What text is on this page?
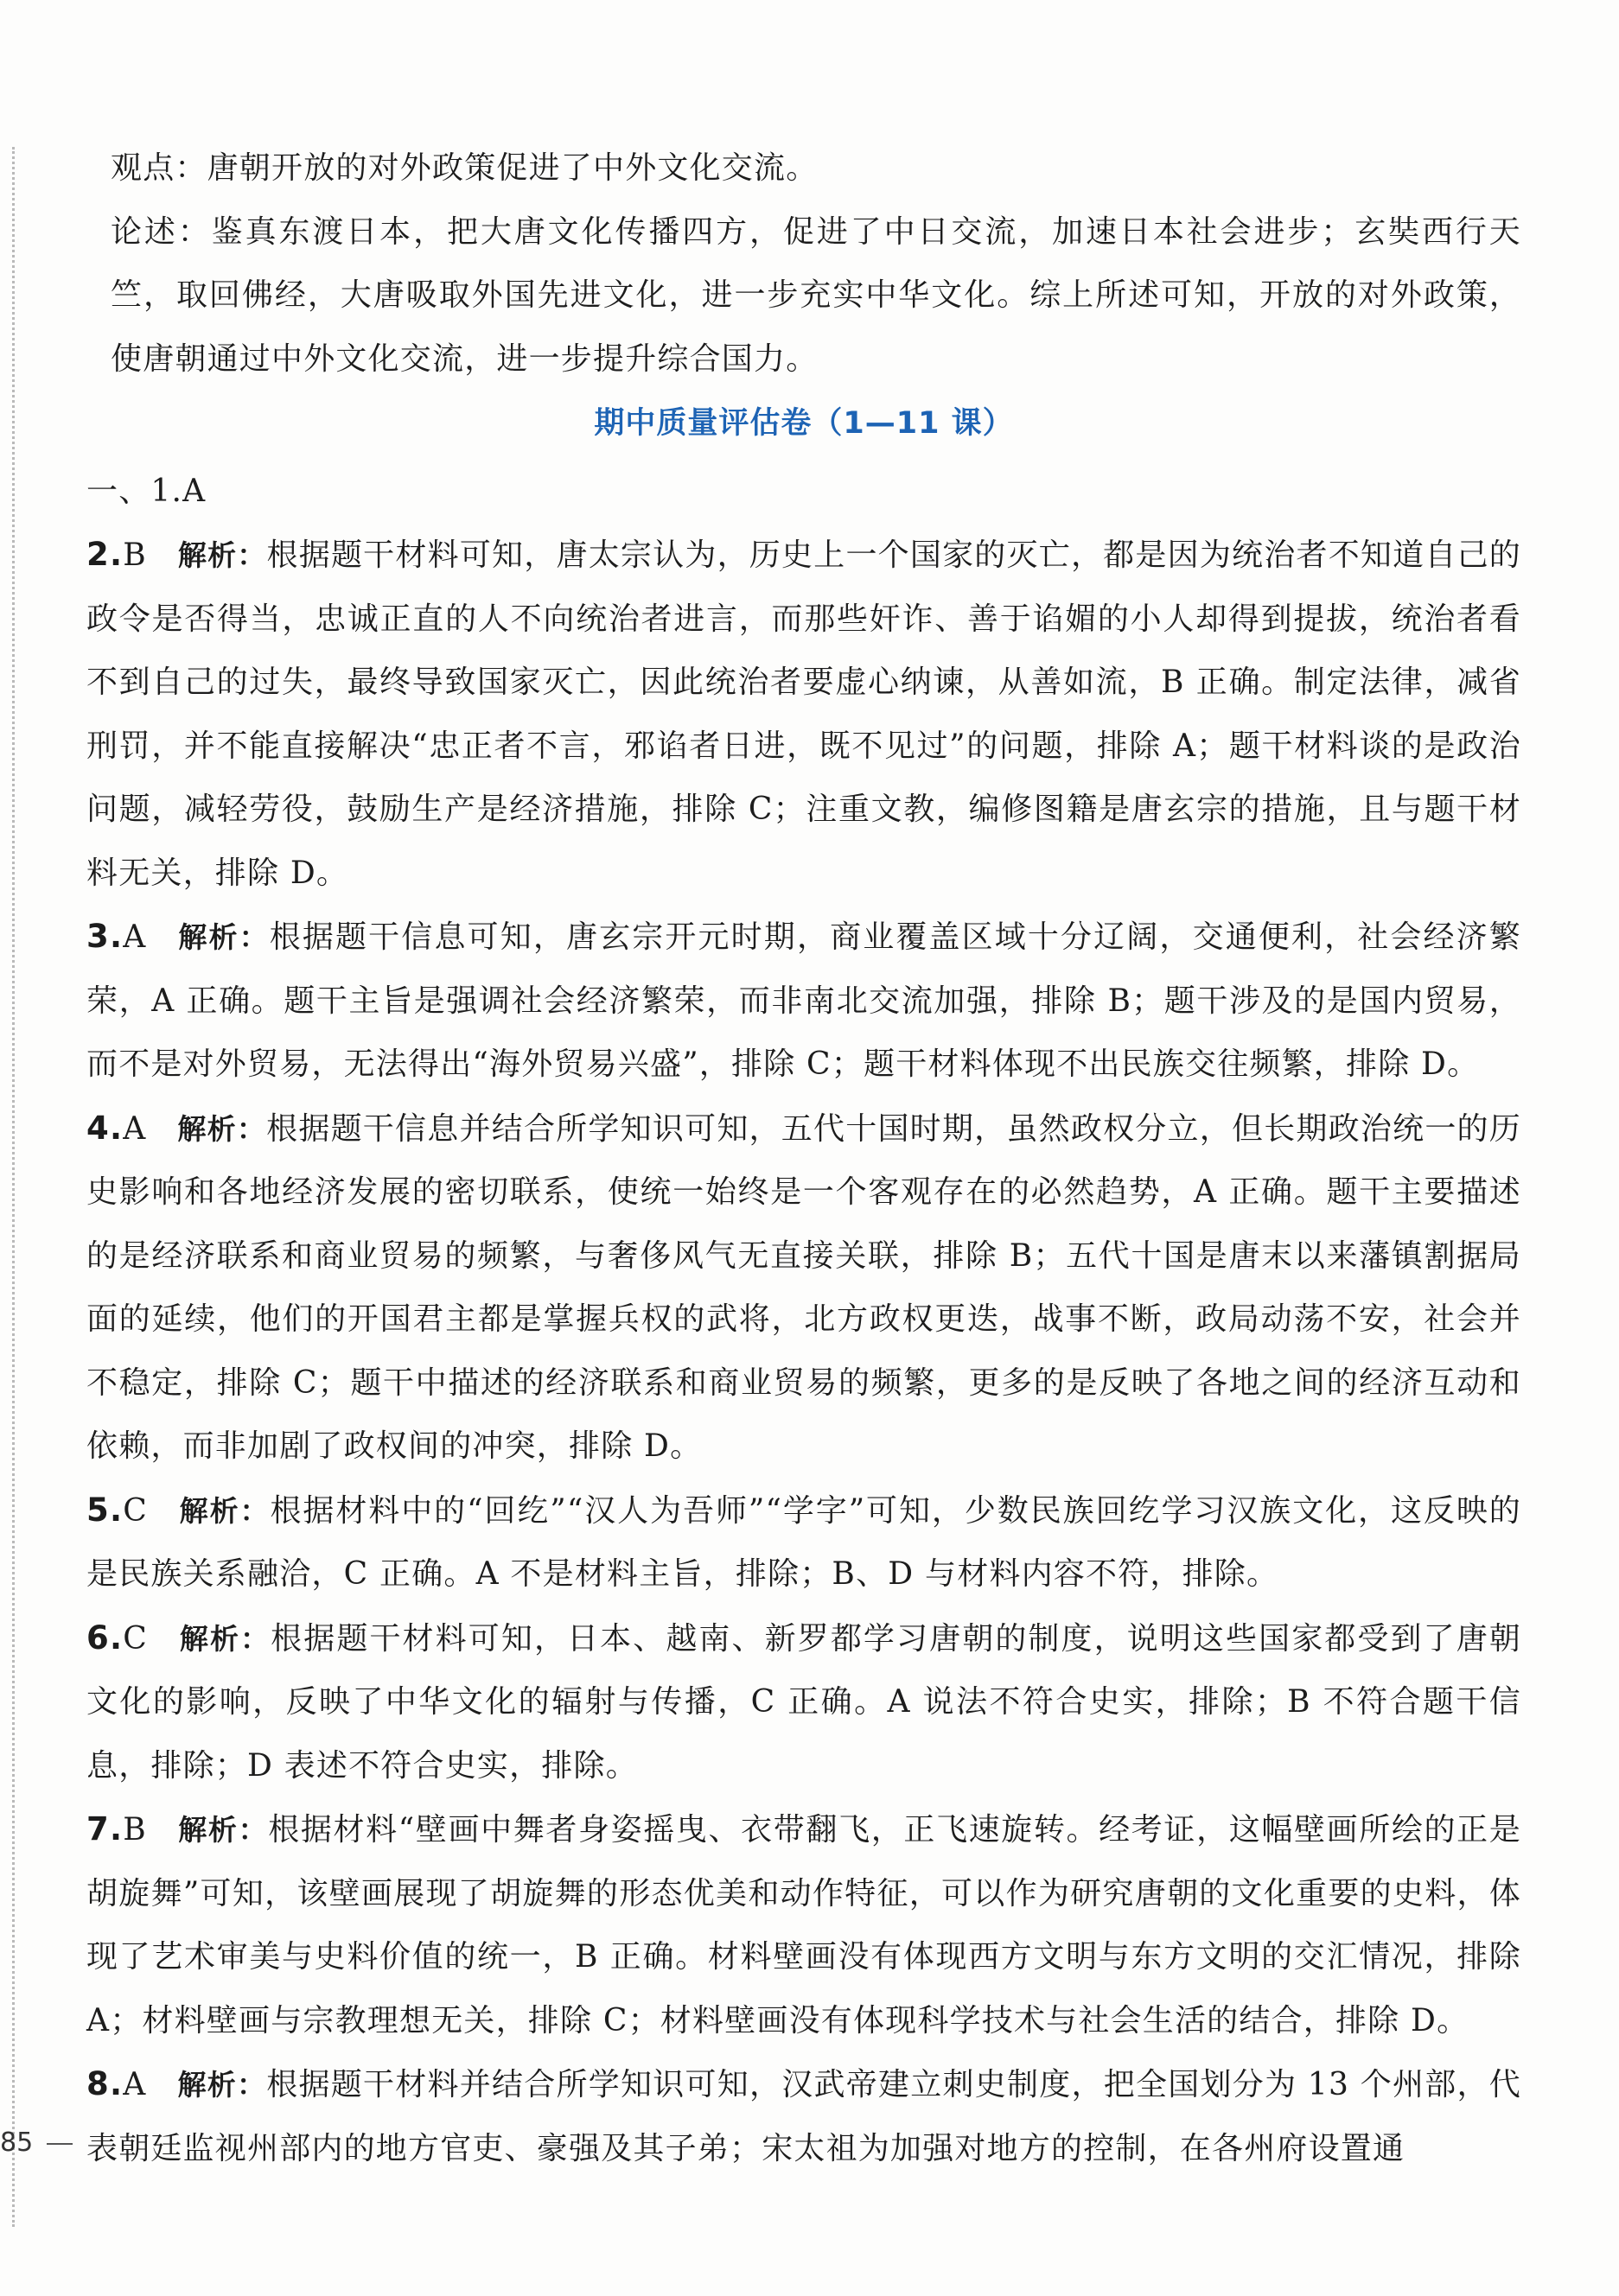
观点：唐朝开放的对外政策促进了中外文化交流。

论述：鉴真东渡日本，把大唐文化传播四方，促进了中日交流，加速日本社会进步；玄奘西行天竺，取回佛经，大唐吸取外国先进文化，进一步充实中华文化。综上所述可知，开放的对外政策，使唐朝通过中外文化交流，进一步提升综合国力。

期中质量评估卷（1—11 课）

一、1.A

2.B 解析：根据题干材料可知，唐太宗认为，历史上一个国家的灭亡，都是因为统治者不知道自己的政令是否得当，忠诚正直的人不向统治者进言，而那些奸诈、善于谄媚的小人却得到提拔，统治者看不到自己的过失，最终导致国家灭亡，因此统治者要虚心纳谏，从善如流，B 正确。制定法律，减省刑罚，并不能直接解决“忠正者不言，邪谄者日进，既不见过”的问题，排除 A；题干材料谈的是政治问题，减轻劳役，鼓励生产是经济措施，排除 C；注重文教，编修图籍是唐玄宗的措施，且与题干材料无关，排除 D。

3.A 解析：根据题干信息可知，唐玄宗开元时期，商业覆盖区域十分辽阔，交通便利，社会经济繁荣，A 正确。题干主旨是强调社会经济繁荣，而非南北交流加强，排除 B；题干涉及的是国内贸易，而不是对外贸易，无法得出“海外贸易兴盛”，排除 C；题干材料体现不出民族交往频繁，排除 D。

4.A 解析：根据题干信息并结合所学知识可知，五代十国时期，虽然政权分立，但长期政治统一的历史影响和各地经济发展的密切联系，使统一始终是一个客观存在的必然趋势，A 正确。题干主要描述的是经济联系和商业贸易的频繁，与奢侈风气无直接关联，排除 B；五代十国是唐末以来藩镇割据局面的延续，他们的开国君主都是掌握兵权的武将，北方政权更迭，战事不断，政局动荡不安，社会并不稳定，排除 C；题干中描述的经济联系和商业贸易的频繁，更多的是反映了各地之间的经济互动和依赖，而非加剧了政权间的冲突，排除 D。

5.C 解析：根据材料中的“回纥”“汉人为吾师”“学字”可知，少数民族回纥学习汉族文化，这反映的是民族关系融洽，C 正确。A 不是材料主旨，排除；B、D 与材料内容不符，排除。

6.C 解析：根据题干材料可知，日本、越南、新罗都学习唐朝的制度，说明这些国家都受到了唐朝文化的影响，反映了中华文化的辐射与传播，C 正确。A 说法不符合史实，排除；B 不符合题干信息，排除；D 表述不符合史实，排除。

7.B 解析：根据材料“壁画中舞者身姿摇曳、衣带翻飞，正飞速旋转。经考证，这幅壁画所绘的正是胡旋舞”可知，该壁画展现了胡旋舞的形态优美和动作特征，可以作为研究唐朝的文化重要的史料，体现了艺术审美与史料价值的统一，B 正确。材料壁画没有体现西方文明与东方文明的交汇情况，排除 A；材料壁画与宗教理想无关，排除 C；材料壁画没有体现科学技术与社会生活的结合，排除 D。

8.A 解析：根据题干材料并结合所学知识可知，汉武帝建立刺史制度，把全国划分为 13 个州部，代表朝廷监视州部内的地方官吏、豪强及其子弟；宋太祖为加强对地方的控制，在各州府设置通

85
